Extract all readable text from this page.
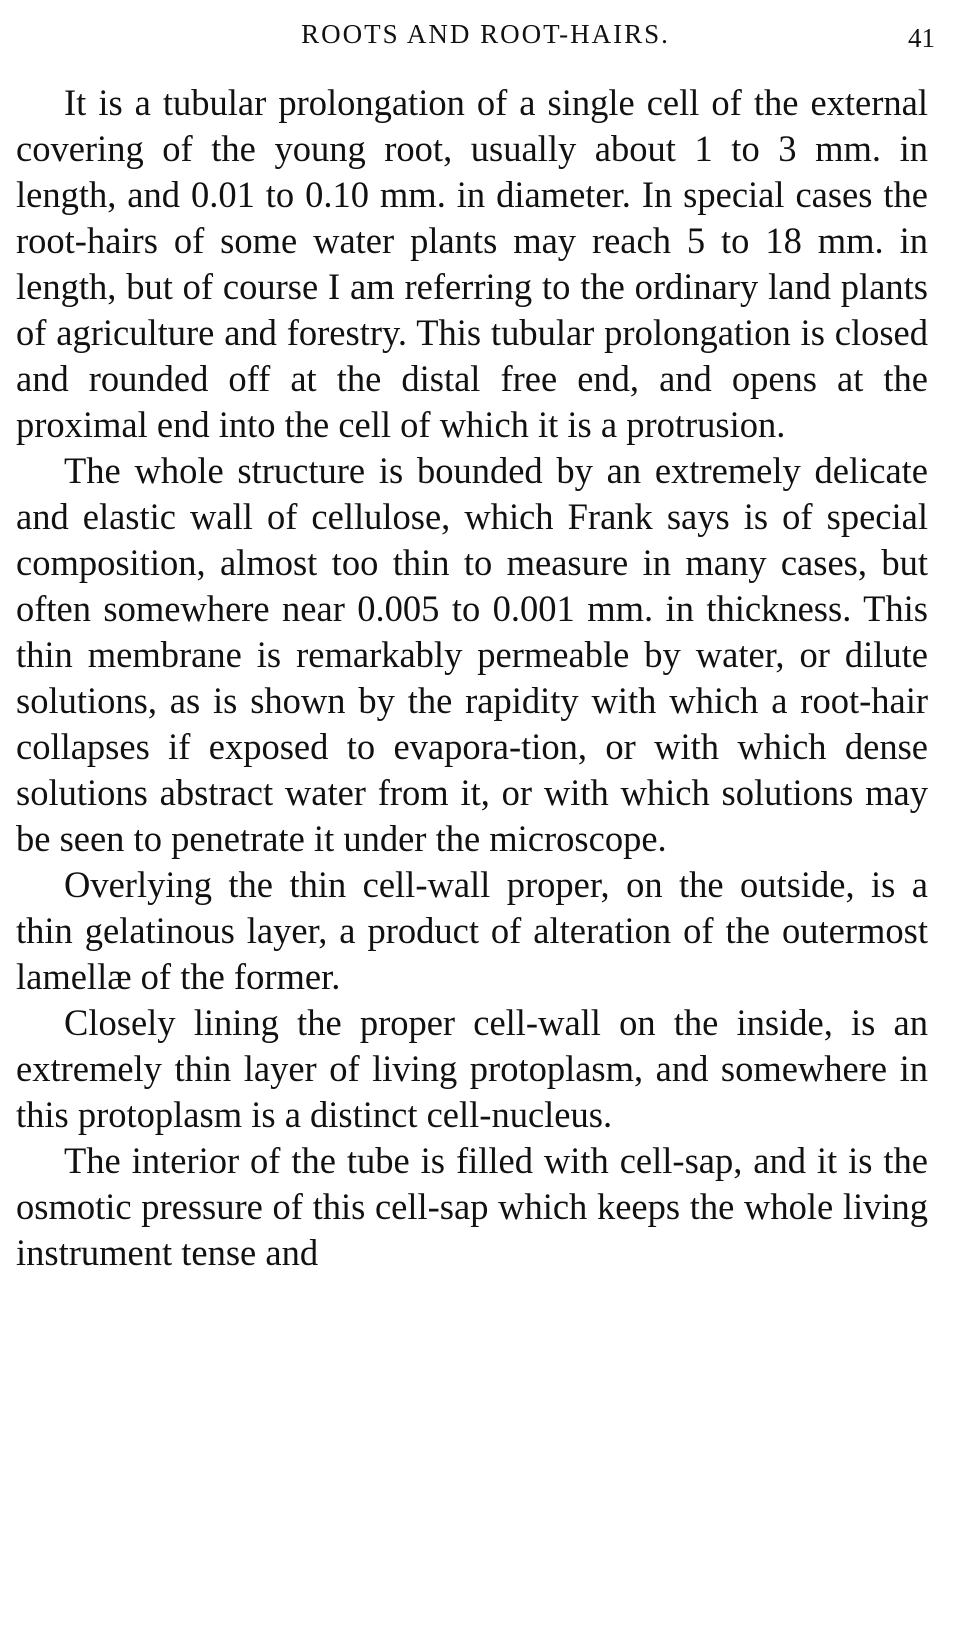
ROOTS AND ROOT-HAIRS.	41

It is a tubular prolongation of a single cell of the external covering of the young root, usually about 1 to 3 mm. in length, and 0.01 to 0.10 mm. in diameter. In special cases the root-hairs of some water plants may reach 5 to 18 mm. in length, but of course I am referring to the ordinary land plants of agriculture and forestry. This tubular prolongation is closed and rounded off at the distal free end, and opens at the proximal end into the cell of which it is a protrusion.

The whole structure is bounded by an extremely delicate and elastic wall of cellulose, which Frank says is of special composition, almost too thin to measure in many cases, but often somewhere near 0.005 to 0.001 mm. in thickness. This thin membrane is remarkably permeable by water, or dilute solutions, as is shown by the rapidity with which a root-hair collapses if exposed to evapora-tion, or with which dense solutions abstract water from it, or with which solutions may be seen to penetrate it under the microscope.

Overlying the thin cell-wall proper, on the outside, is a thin gelatinous layer, a product of alteration of the outermost lamellæ of the former.

Closely lining the proper cell-wall on the inside, is an extremely thin layer of living protoplasm, and somewhere in this protoplasm is a distinct cell-nucleus.

The interior of the tube is filled with cell-sap, and it is the osmotic pressure of this cell-sap which keeps the whole living instrument tense and
